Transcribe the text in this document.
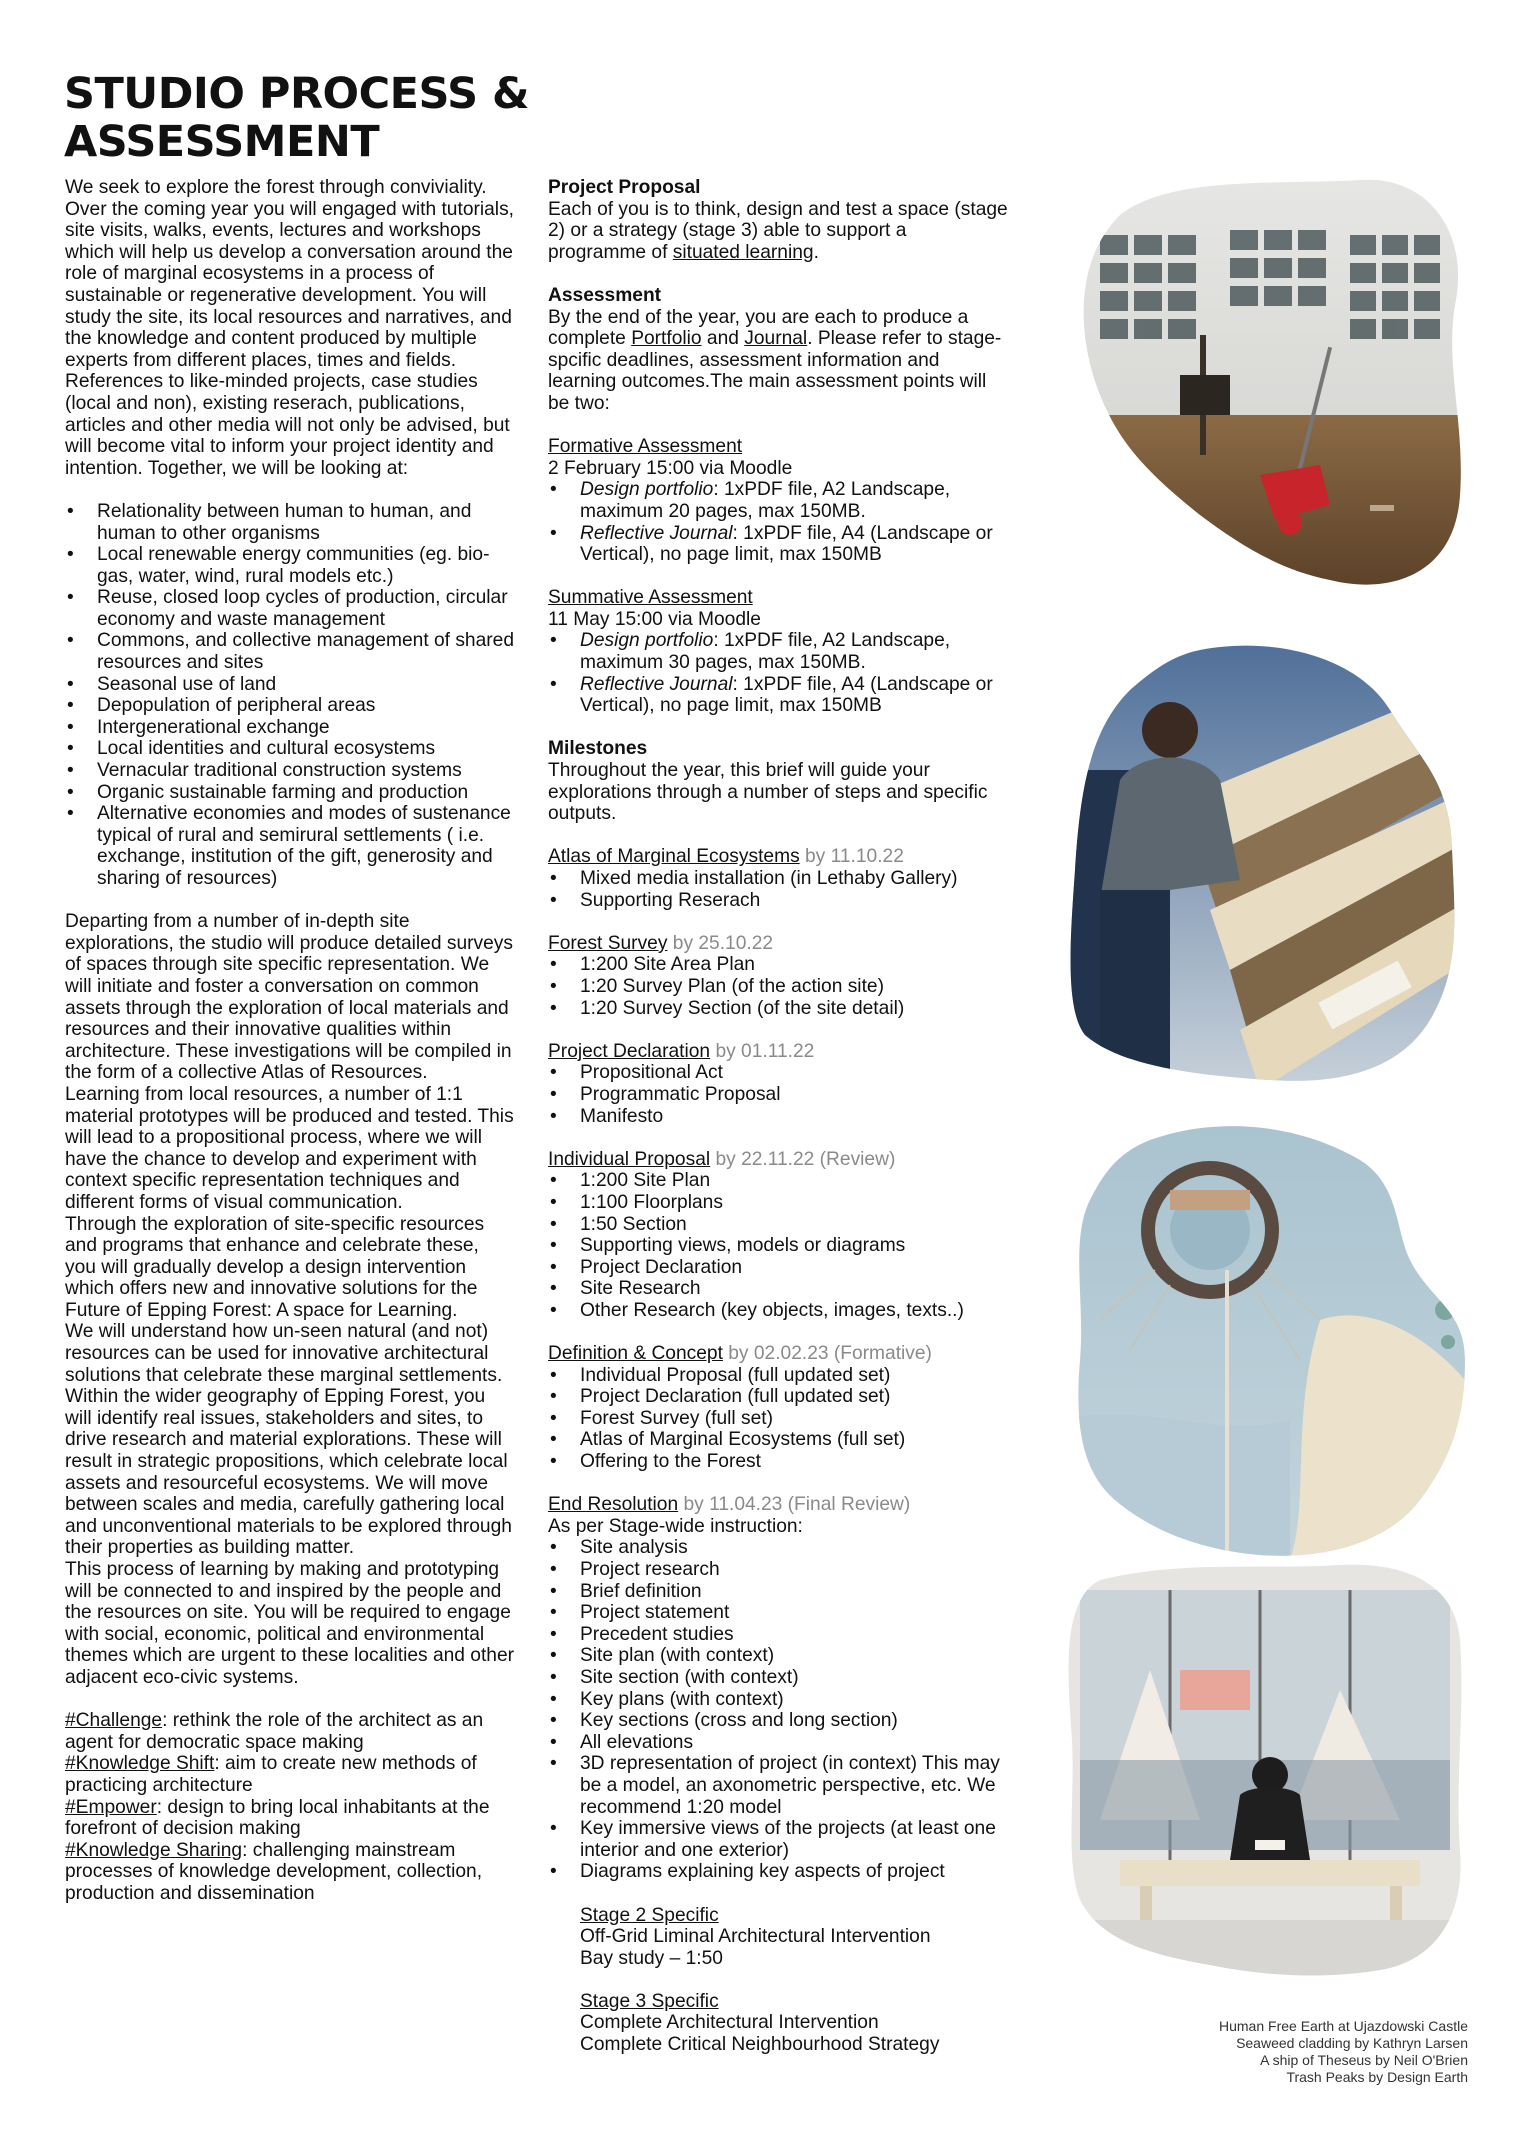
STUDIO PROCESS &
ASSESSMENT

We seek to explore the forest through conviviality. Over the coming year you will engaged with tutorials, site visits, walks, events, lectures and workshops which will help us develop a conversation around the role of marginal ecosystems in a process of sustainable or regenerative development. You will study the site, its local resources and narratives, and the knowledge and content produced by multiple experts from different places, times and fields. References to like-minded projects, case studies (local and non), existing reserach, publications, articles and other media will not only be advised, but will become vital to inform your project identity and intention. Together, we will be looking at:

• Relationality between human to human, and human to other organisms
• Local renewable energy communities (eg. bio-gas, water, wind, rural models etc.)
• Reuse, closed loop cycles of production, circular economy and waste management
• Commons, and collective management of shared resources and sites
• Seasonal use of land
• Depopulation of peripheral areas
• Intergenerational exchange
• Local identities and cultural ecosystems
• Vernacular traditional construction systems
• Organic sustainable farming and production
• Alternative economies and modes of sustenance typical of rural and semirural settlements ( i.e. exchange, institution of the gift, generosity and sharing of resources)

Departing from a number of in-depth site explorations, the studio will produce detailed surveys of spaces through site specific representation. We will initiate and foster a conversation on common assets through the exploration of local materials and resources and their innovative qualities within architecture. These investigations will be compiled in the form of a collective Atlas of Resources.

Learning from local resources, a number of 1:1 material prototypes will be produced and tested. This will lead to a propositional process, where we will have the chance to develop and experiment with context specific representation techniques and different forms of visual communication.

Through the exploration of site-specific resources and programs that enhance and celebrate these, you will gradually develop a design intervention which offers new and innovative solutions for the Future of Epping Forest: A space for Learning.

We will understand how un-seen natural (and not) resources can be used for innovative architectural solutions that celebrate these marginal settlements.

Within the wider geography of Epping Forest, you will identify real issues, stakeholders and sites, to drive research and material explorations. These will result in strategic propositions, which celebrate local assets and resourceful ecosystems. We will move between scales and media, carefully gathering local and unconventional materials to be explored through their properties as building matter.

This process of learning by making and prototyping will be connected to and inspired by the people and the resources on site. You will be required to engage with social, economic, political and environmental themes which are urgent to these localities and other adjacent eco-civic systems.

#Challenge: rethink the role of the architect as an agent for democratic space making

#Knowledge Shift: aim to create new methods of practicing architecture

#Empower: design to bring local inhabitants at the forefront of decision making

#Knowledge Sharing: challenging mainstream processes of knowledge development, collection, production and dissemination

Project Proposal

Each of you is to think, design and test a space (stage 2) or a strategy (stage 3) able to support a programme of situated learning.

Assessment

By the end of the year, you are each to produce a complete Portfolio and Journal. Please refer to stage-spcific deadlines, assessment information and learning outcomes.The main assessment points will be two:

Formative Assessment

2 February 15:00 via Moodle

• Design portfolio: 1xPDF file, A2 Landscape, maximum 20 pages, max 150MB.
• Reflective Journal: 1xPDF file, A4 (Landscape or Vertical), no page limit, max 150MB

Summative Assessment

11 May 15:00 via Moodle

• Design portfolio: 1xPDF file, A2 Landscape, maximum 30 pages, max 150MB.
• Reflective Journal: 1xPDF file, A4 (Landscape or Vertical), no page limit, max 150MB

Milestones

Throughout the year, this brief will guide your explorations through a number of steps and specific outputs.

Atlas of Marginal Ecosystems by 11.10.22

• Mixed media installation (in Lethaby Gallery)
• Supporting Reserach

Forest Survey by 25.10.22

• 1:200 Site Area Plan
• 1:20 Survey Plan (of the action site)
• 1:20 Survey Section (of the site detail)

Project Declaration by 01.11.22

• Propositional Act
• Programmatic Proposal
• Manifesto

Individual Proposal by 22.11.22 (Review)

• 1:200 Site Plan
• 1:100 Floorplans
• 1:50 Section
• Supporting views, models or diagrams
• Project Declaration
• Site Research
• Other Research (key objects, images, texts..)

Definition & Concept by 02.02.23 (Formative)

• Individual Proposal (full updated set)
• Project Declaration (full updated set)
• Forest Survey (full set)
• Atlas of Marginal Ecosystems (full set)
• Offering to the Forest

End Resolution by 11.04.23 (Final Review)

As per Stage-wide instruction:

• Site analysis
• Project research
• Brief definition
• Project statement
• Precedent studies
• Site plan (with context)
• Site section (with context)
• Key plans (with context)
• Key sections (cross and long section)
• All elevations
• 3D representation of project (in context) This may be a model, an axonometric perspective, etc. We recommend 1:20 model
• Key immersive views of the projects (at least one interior and one exterior)
• Diagrams explaining key aspects of project

Stage 2 Specific

Off-Grid Liminal Architectural Intervention

Bay study – 1:50

Stage 3 Specific

Complete Architectural Intervention

Complete Critical Neighbourhood Strategy

Human Free Earth at Ujazdowski Castle

Seaweed cladding by Kathryn Larsen

A ship of Theseus by Neil O'Brien

Trash Peaks by Design Earth
